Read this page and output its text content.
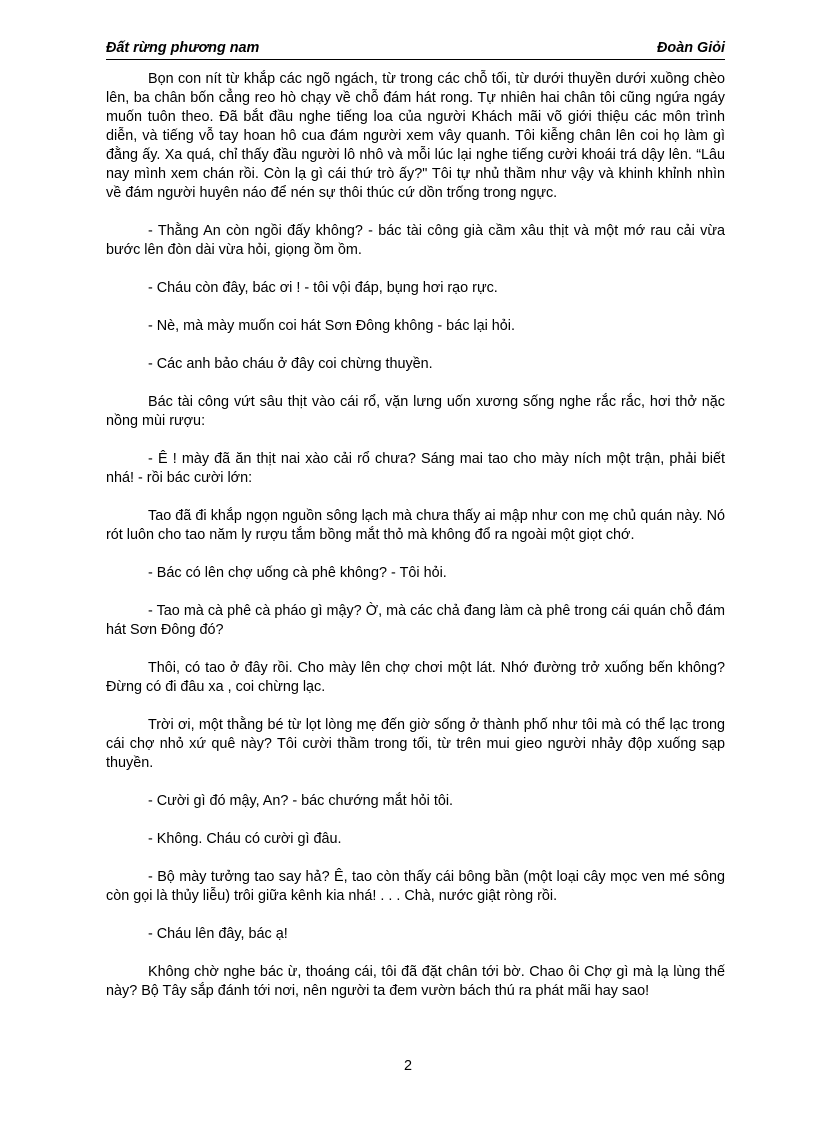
Đất rừng phương nam	Đoàn Giỏi

Bọn con nít từ khắp các ngõ ngách, từ trong các chỗ tối, từ dưới thuyền dưới xuồng chèo lên, ba chân bốn cẳng reo hò chạy về chỗ đám hát rong. Tự nhiên hai chân tôi cũng ngứa ngáy muốn tuôn theo. Đã bắt đầu nghe tiếng loa của người Khách mãi võ giới thiệu các môn trình diễn, và tiếng vỗ tay hoan hô cua đám người xem vây quanh. Tôi kiễng chân lên coi họ làm gì đằng ấy. Xa quá, chỉ thấy đầu người lô nhô và mỗi lúc lại nghe tiếng cười khoái trá dậy lên. “Lâu nay mình xem chán rồi. Còn lạ gì cái thứ trò ấy?" Tôi tự nhủ thầm như vậy và khinh khỉnh nhìn về đám người huyên náo để nén sự thôi thúc cứ dồn trống trong ngực.

- Thằng An còn ngồi đấy không? - bác tài công già cầm xâu thịt và một mớ rau cải vừa bước lên đòn dài vừa hỏi, giọng ồm ồm.

- Cháu còn đây, bác ơi ! - tôi vội đáp, bụng hơi rạo rực.

- Nè, mà mày muốn coi hát Sơn Đông không - bác lại hỏi.

- Các anh bảo cháu ở đây coi chừng thuyền.

Bác tài công vứt sâu thịt vào cái rổ, vặn lưng uốn xương sống nghe rắc rắc, hơi thở nặc nồng mùi rượu:

- Ê ! mày đã ăn thịt nai xào cải rổ chưa? Sáng mai tao cho mày ních một trận, phải biết nhá! - rồi bác cười lớn:

Tao đã đi khắp ngọn nguồn sông lạch mà chưa thấy ai mập như con mẹ chủ quán này. Nó rót luôn cho tao năm ly rượu tắm bồng mắt thỏ mà không đổ ra ngoài một giọt chớ.

- Bác có lên chợ uống cà phê không? - Tôi hỏi.

- Tao mà cà phê cà pháo gì mậy? Ờ, mà các chả đang làm cà phê trong cái quán chỗ đám hát Sơn Đông đó?

Thôi, có tao ở đây rồi. Cho mày lên chợ chơi một lát. Nhớ đường trở xuống bến không? Đừng có đi đâu xa , coi chừng lạc.

Trời ơi, một thằng bé từ lọt lòng mẹ đến giờ sống ở thành phố như tôi mà có thể lạc trong cái chợ nhỏ xứ quê này? Tôi cười thầm trong tối, từ trên mui gieo người nhảy độp xuống sạp thuyền.

- Cười gì đó mậy, An? - bác chướng mắt hỏi tôi.

- Không. Cháu có cười gì đâu.

- Bộ mày tưởng tao say hả? Ê, tao còn thấy cái bông bần (một loại cây mọc ven mé sông còn gọi là thủy liễu) trôi giữa kênh kia nhá! . . . Chà, nước giật ròng rồi.

- Cháu lên đây, bác ạ!

Không chờ nghe bác ừ, thoáng cái, tôi đã đặt chân tới bờ. Chao ôi Chợ gì mà lạ lùng thế này? Bộ Tây sắp đánh tới nơi, nên người ta đem vườn bách thú ra phát mãi hay sao!

2
